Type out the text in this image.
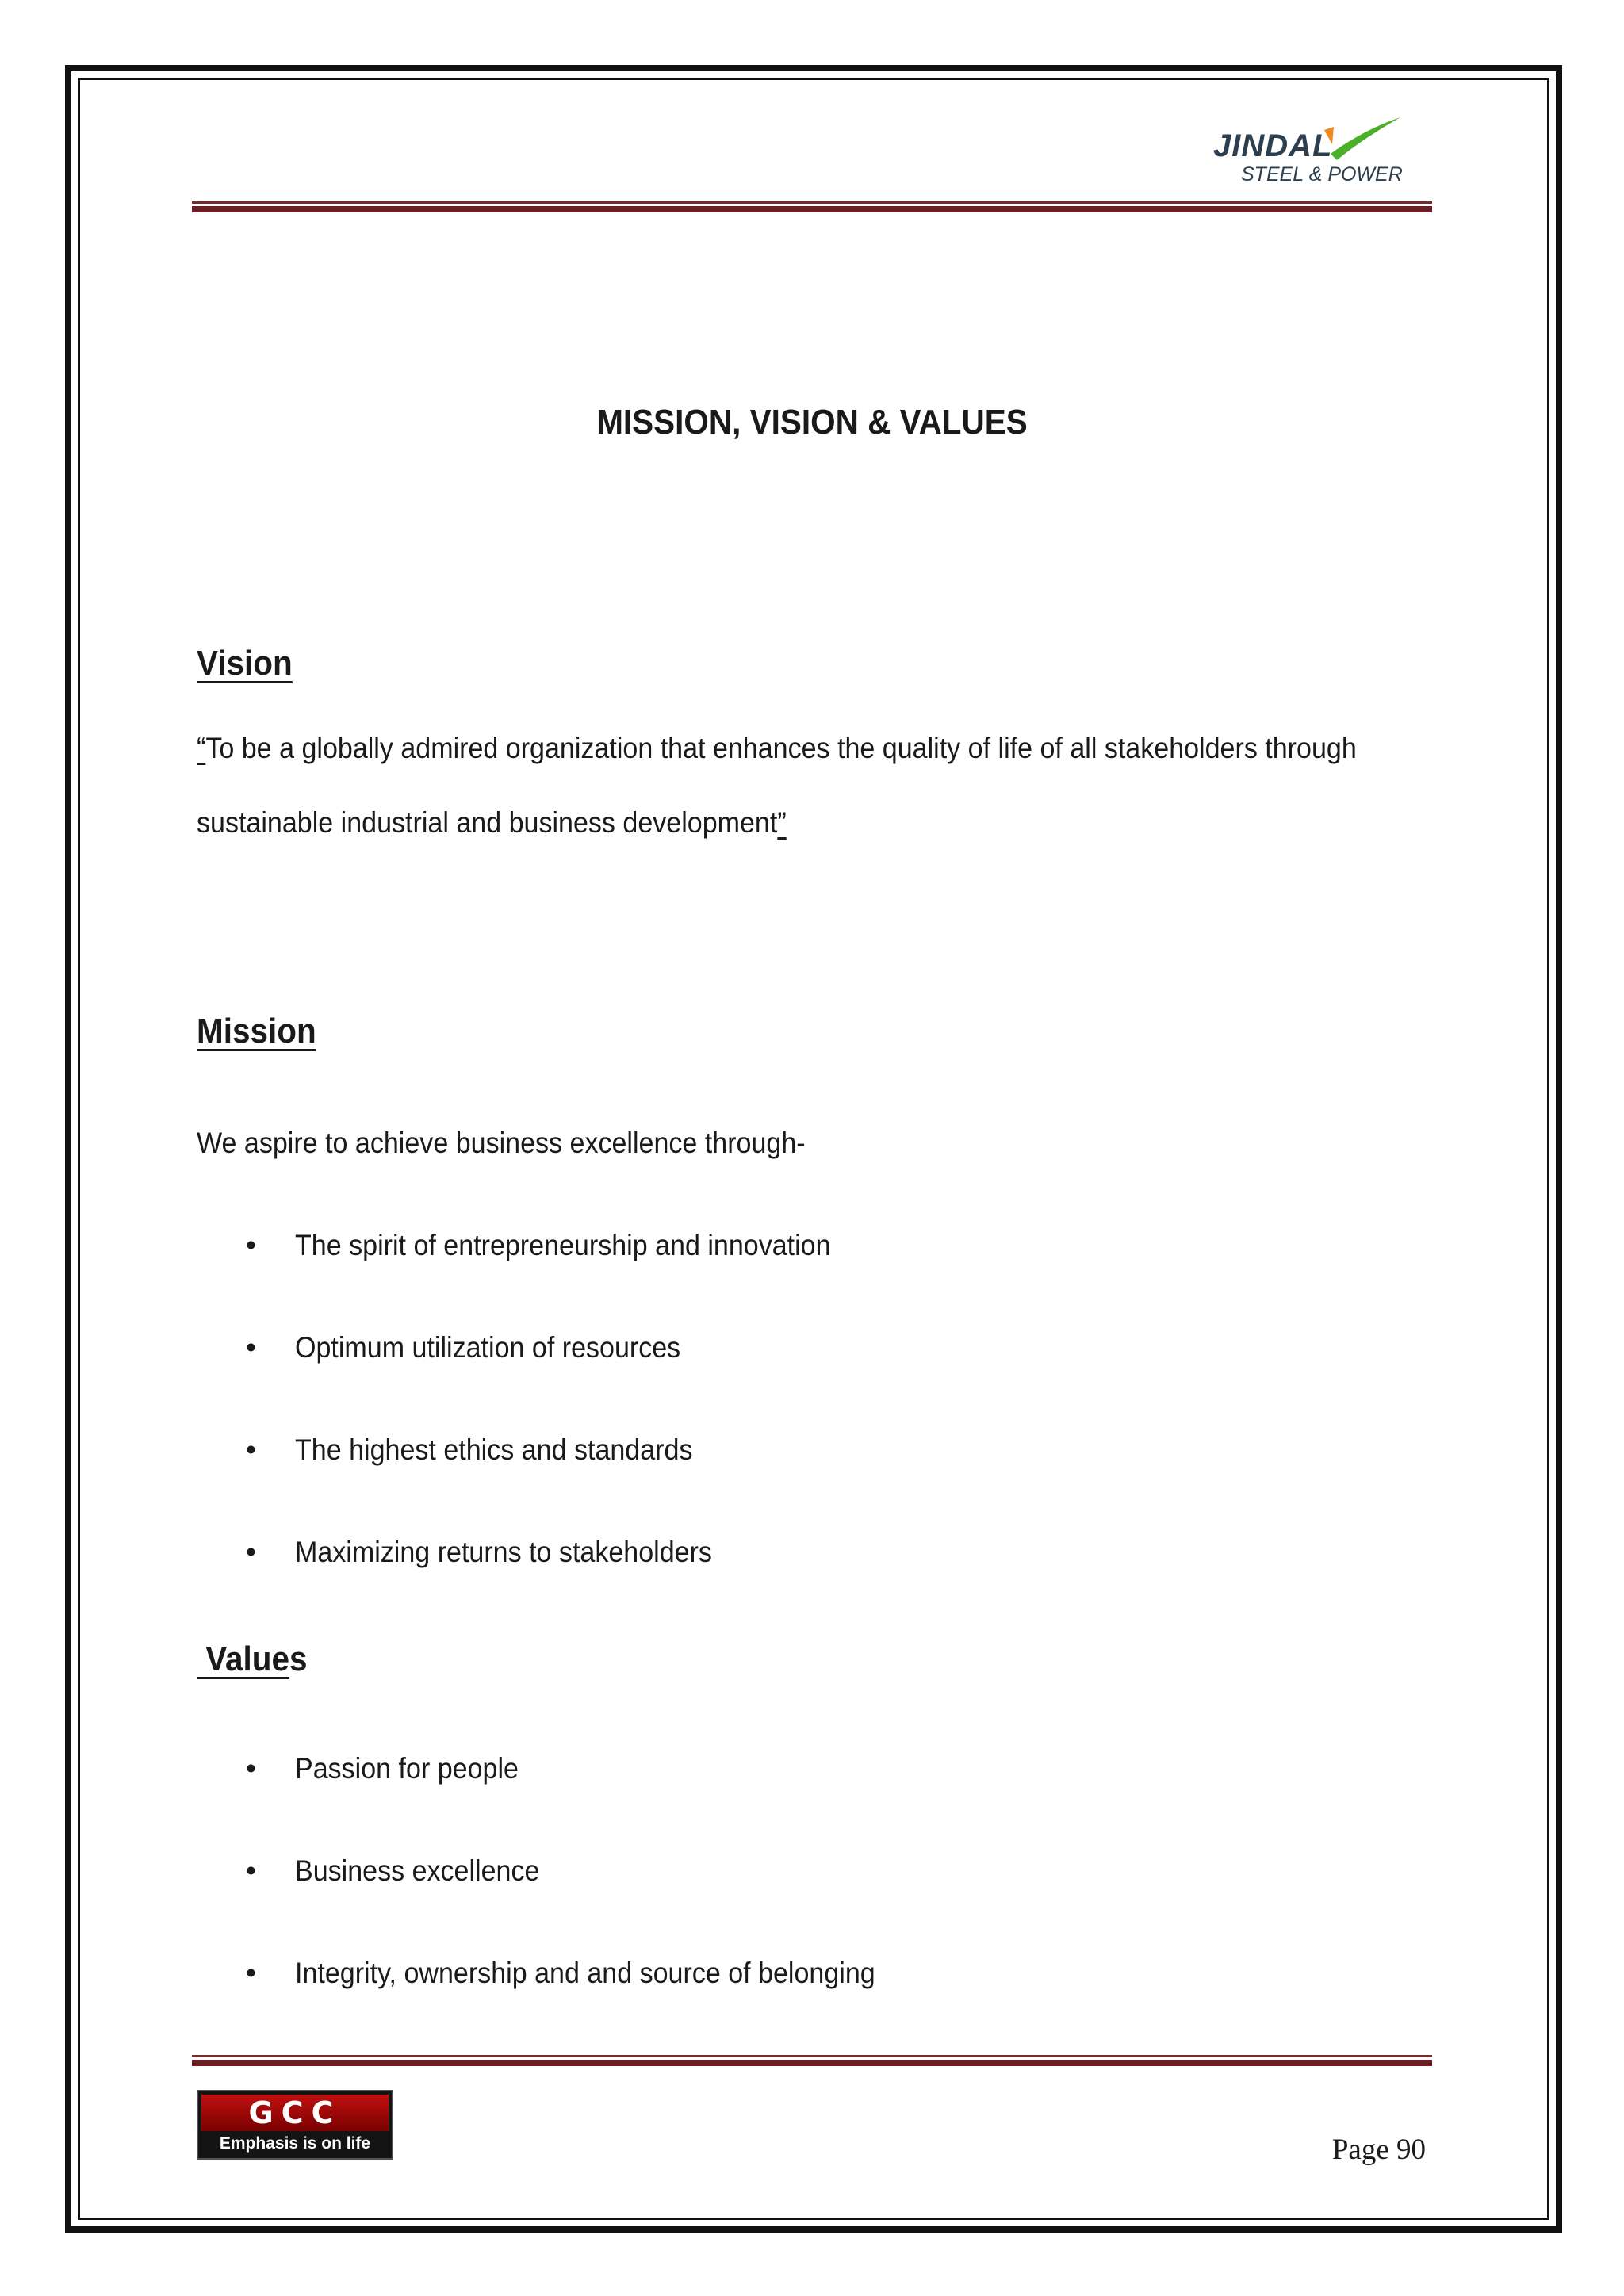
JINDAL
STEEL & POWER
MISSION, VISION & VALUES
Vision
“To be a globally admired organization that enhances the quality of life of all stakeholders through
sustainable industrial and business development”
Mission
We aspire to achieve business excellence through-
• The spirit of entrepreneurship and innovation
• Optimum utilization of resources
• The highest ethics and standards
• Maximizing returns to stakeholders
Values
• Passion for people
• Business excellence
• Integrity, ownership and and source of belonging
GCC
Emphasis is on life	Page 90
